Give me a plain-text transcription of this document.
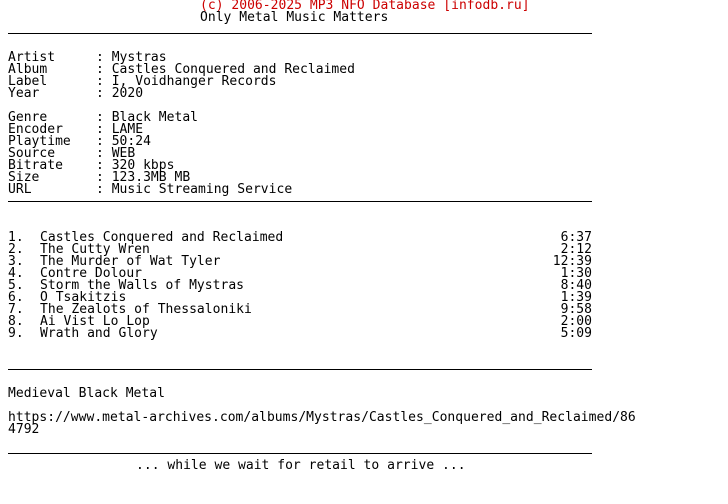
(c) 2006-2025 MP3 NFO Database [infodb.ru]
Only Metal Music Matters
Artist	: Mystras
Album	: Castles Conquered and Reclaimed
Label	: I, Voidhanger Records
Year	: 2020
Genre	: Black Metal
Encoder	: LAME
Playtime	: 50:24
Source	: WEB
Bitrate	: 320 kbps
Size	: 123.3MB MB
URL	: Music Streaming Service
1.	Castles Conquered and Reclaimed	6:37
2.	The Cutty Wren	2:12
3.	The Murder of Wat Tyler	12:39
4.	Contre Dolour	1:30
5.	Storm the Walls of Mystras	8:40
6.	O Tsakitzis	1:39
7.	The Zealots of Thessaloniki	9:58
8.	Ai Vist Lo Lop	2:00
9.	Wrath and Glory	5:09
Medieval Black Metal
https://www.metal-archives.com/albums/Mystras/Castles_Conquered_and_Reclaimed/86
4792
... while we wait for retail to arrive ...
